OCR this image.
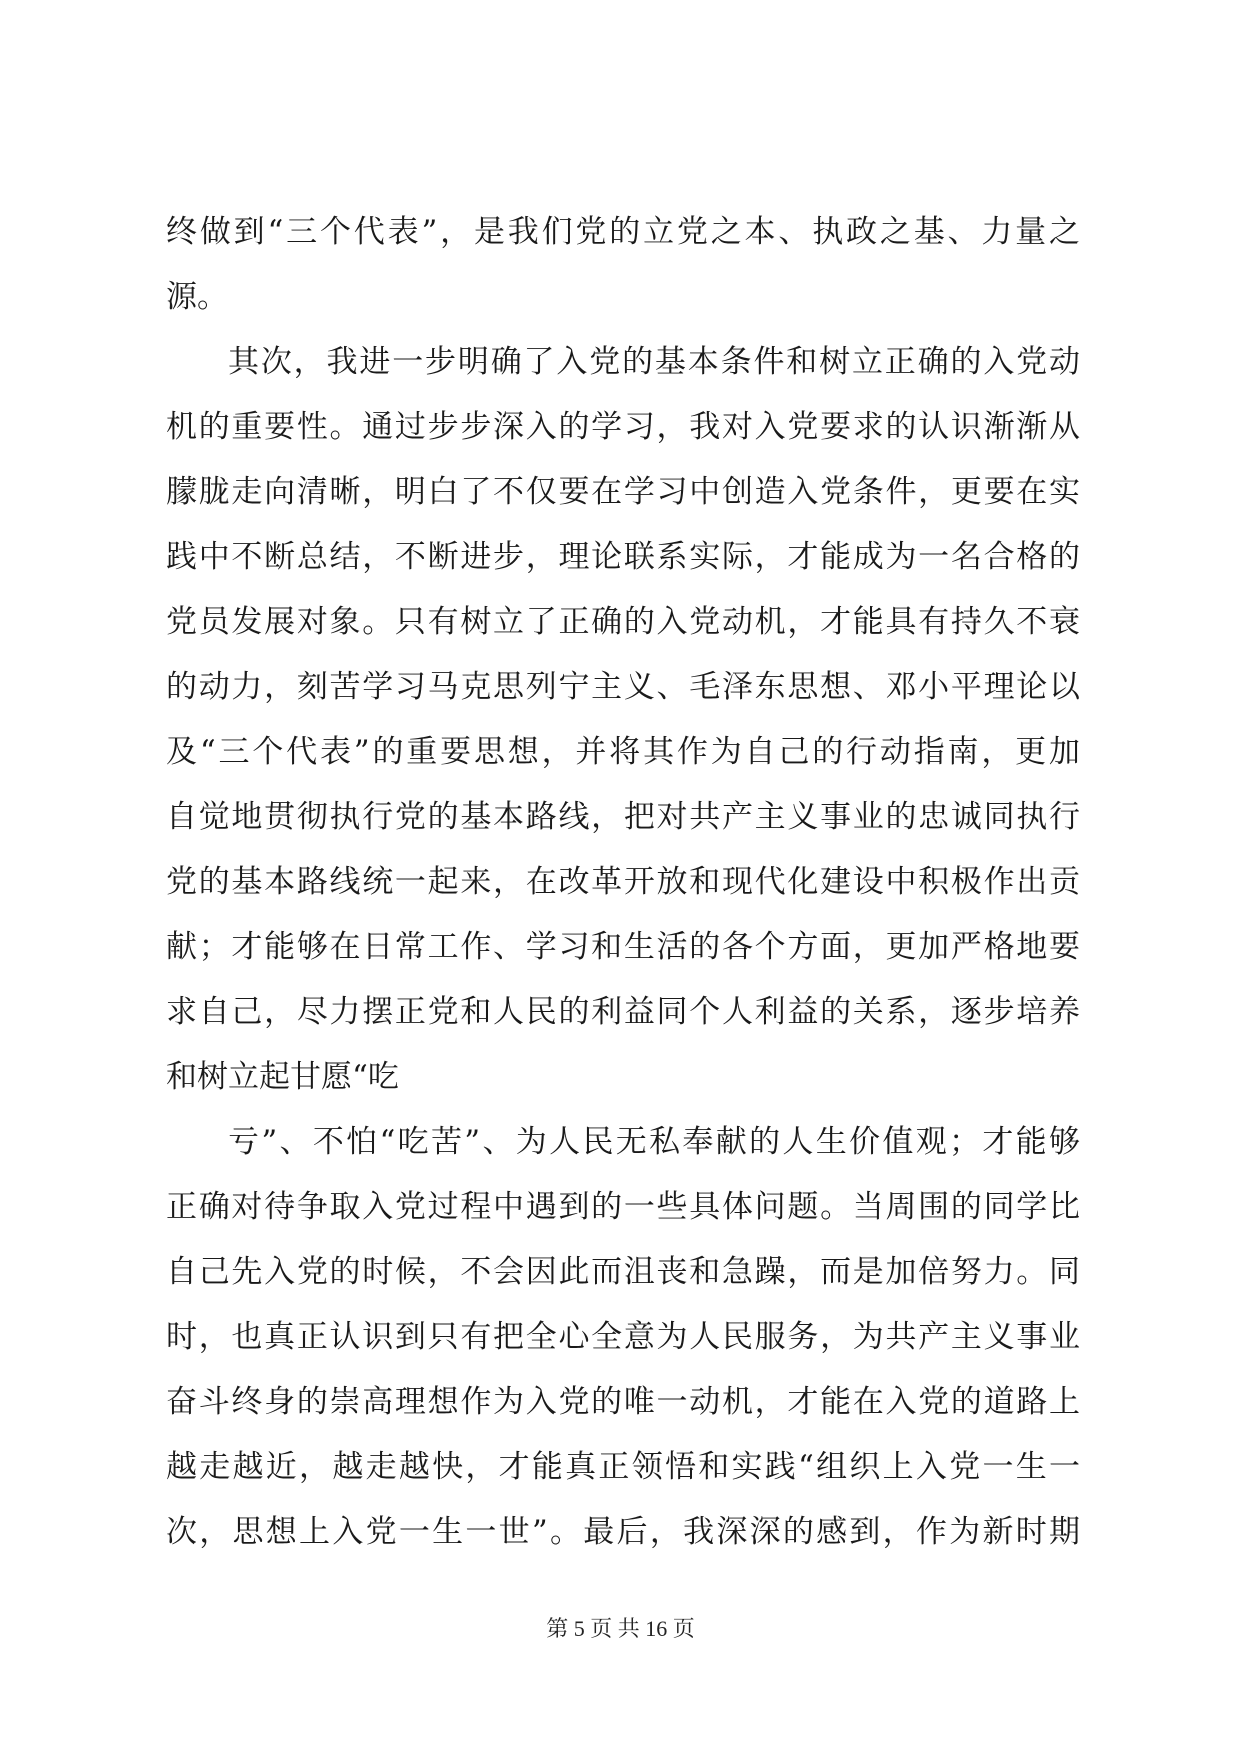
终做到“三个代表”，是我们党的立党之本、执政之基、力量之
源。
其次，我进一步明确了入党的基本条件和树立正确的入党动
机的重要性。通过步步深入的学习，我对入党要求的认识渐渐从
朦胧走向清晰，明白了不仅要在学习中创造入党条件，更要在实
践中不断总结，不断进步，理论联系实际，才能成为一名合格的
党员发展对象。只有树立了正确的入党动机，才能具有持久不衰
的动力，刻苦学习马克思列宁主义、毛泽东思想、邓小平理论以
及“三个代表”的重要思想，并将其作为自己的行动指南，更加
自觉地贯彻执行党的基本路线，把对共产主义事业的忠诚同执行
党的基本路线统一起来，在改革开放和现代化建设中积极作出贡
献；才能够在日常工作、学习和生活的各个方面，更加严格地要
求自己，尽力摆正党和人民的利益同个人利益的关系，逐步培养
和树立起甘愿“吃
亏”、不怕“吃苦”、为人民无私奉献的人生价值观；才能够
正确对待争取入党过程中遇到的一些具体问题。当周围的同学比
自己先入党的时候，不会因此而沮丧和急躁，而是加倍努力。同
时，也真正认识到只有把全心全意为人民服务，为共产主义事业
奋斗终身的崇高理想作为入党的唯一动机，才能在入党的道路上
越走越近，越走越快，才能真正领悟和实践“组织上入党一生一
次，思想上入党一生一世”。最后，我深深的感到，作为新时期
第 5 页 共 16 页
